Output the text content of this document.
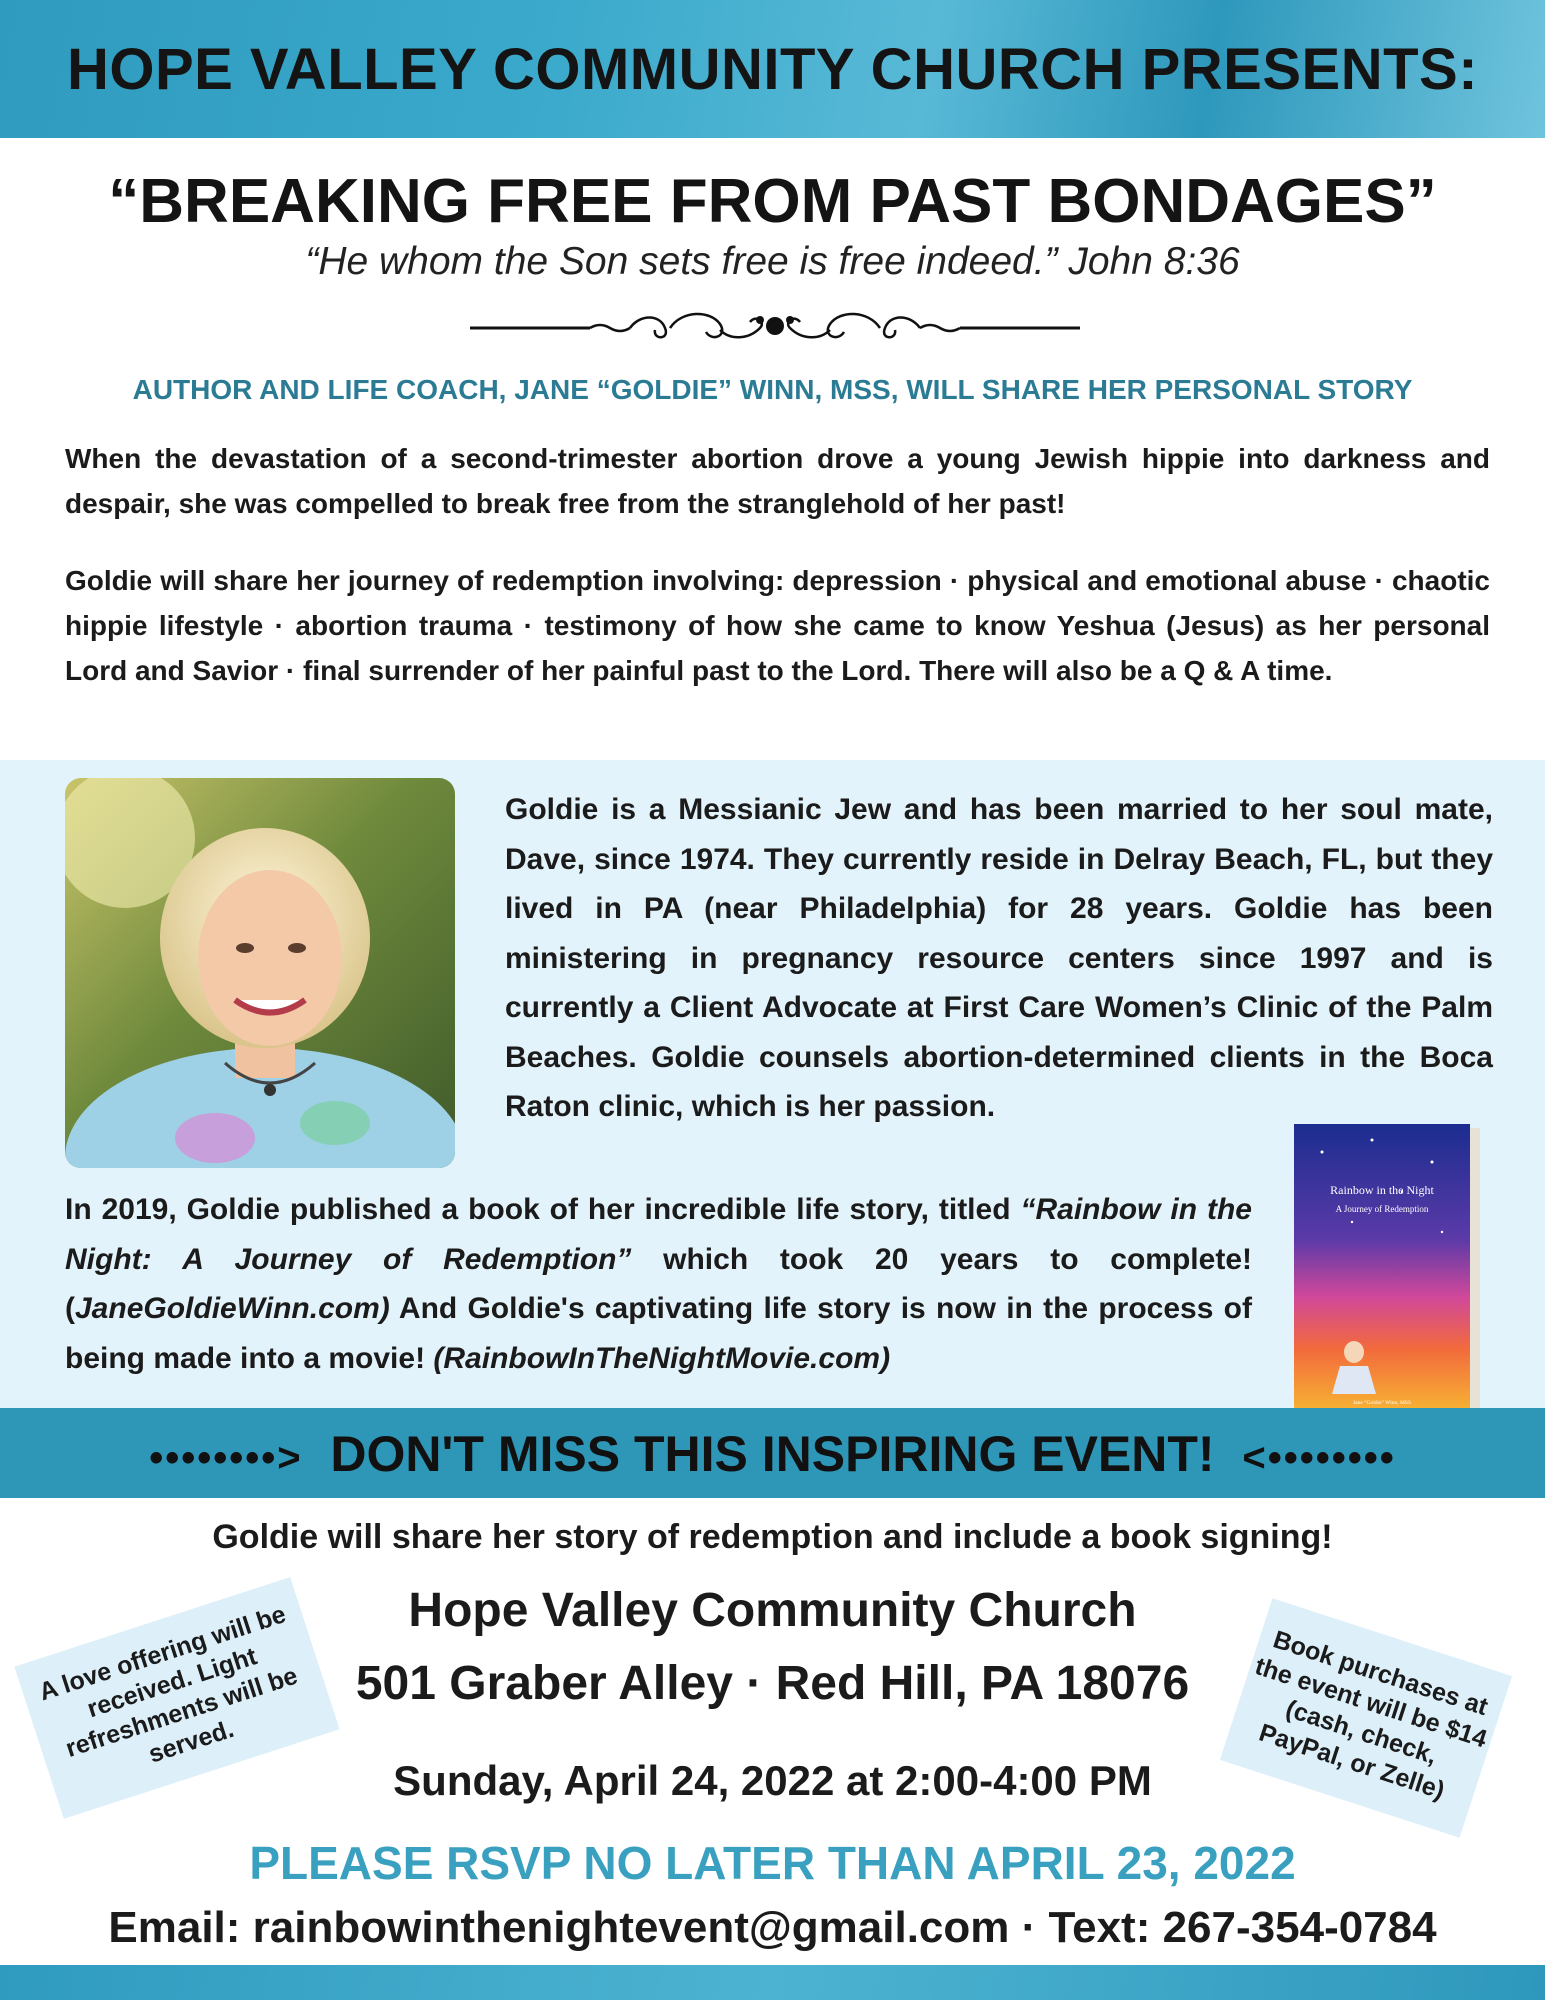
HOPE VALLEY COMMUNITY CHURCH PRESENTS:
“BREAKING FREE FROM PAST BONDAGES”
“He whom the Son sets free is free indeed.” John 8:36
AUTHOR AND LIFE COACH, JANE “GOLDIE” WINN, MSS, WILL SHARE HER PERSONAL STORY
When the devastation of a second-trimester abortion drove a young Jewish hippie into darkness and despair, she was compelled to break free from the stranglehold of her past!
Goldie will share her journey of redemption involving: depression · physical and emotional abuse · chaotic hippie lifestyle · abortion trauma · testimony of how she came to know Yeshua (Jesus) as her personal Lord and Savior · final surrender of her painful past to the Lord. There will also be a Q & A time.
Goldie is a Messianic Jew and has been married to her soul mate, Dave, since 1974. They currently reside in Delray Beach, FL, but they lived in PA (near Philadelphia) for 28 years. Goldie has been ministering in pregnancy resource centers since 1997 and is currently a Client Advocate at First Care Women’s Clinic of the Palm Beaches. Goldie counsels abortion-determined clients in the Boca Raton clinic, which is her passion.
In 2019, Goldie published a book of her incredible life story, titled “Rainbow in the Night: A Journey of Redemption” which took 20 years to complete! (JaneGoldieWinn.com) And Goldie's captivating life story is now in the process of being made into a movie! (RainbowInTheNightMovie.com)
Rainbow in the Night
A Journey of Redemption
Jane “Goldie” Winn, MSS
••••••••> DON'T MISS THIS INSPIRING EVENT! <••••••••
Goldie will share her story of redemption and include a book signing!
Hope Valley Community Church
501 Graber Alley · Red Hill, PA 18076
Sunday, April 24, 2022 at 2:00-4:00 PM
PLEASE RSVP NO LATER THAN APRIL 23, 2022
Email: rainbowinthenightevent@gmail.com · Text: 267-354-0784
A love offering will be received. Light refreshments will be served.
Book purchases at the event will be $14 (cash, check, PayPal, or Zelle)
